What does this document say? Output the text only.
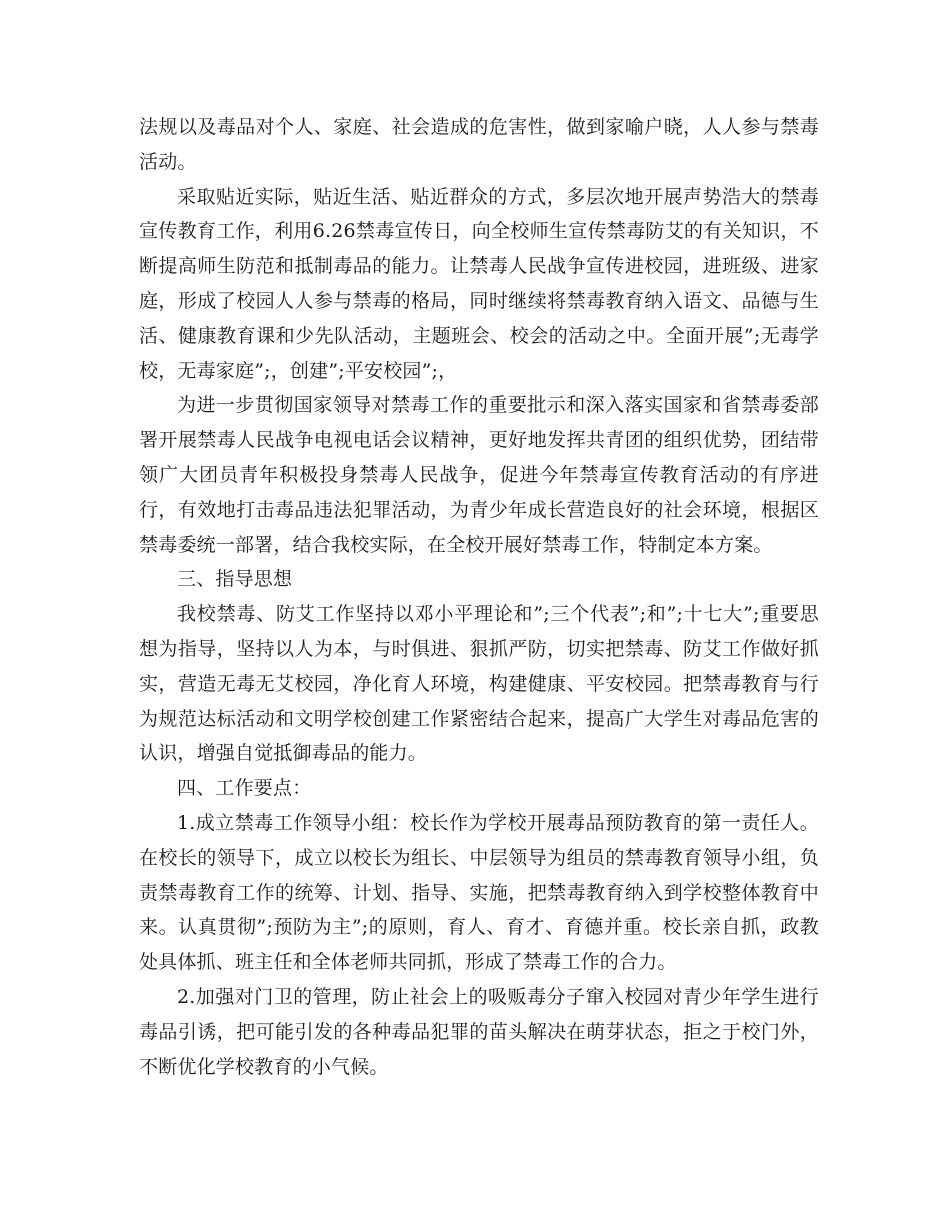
法规以及毒品对个人、家庭、社会造成的危害性，做到家喻户晓，人人参与禁毒活动。

采取贴近实际，贴近生活、贴近群众的方式，多层次地开展声势浩大的禁毒宣传教育工作，利用6.26禁毒宣传日，向全校师生宣传禁毒防艾的有关知识，不断提高师生防范和抵制毒品的能力。让禁毒人民战争宣传进校园，进班级、进家庭，形成了校园人人参与禁毒的格局，同时继续将禁毒教育纳入语文、品德与生活、健康教育课和少先队活动，主题班会、校会的活动之中。全面开展”;无毒学校，无毒家庭”;，创建”;平安校园”;，

为进一步贯彻国家领导对禁毒工作的重要批示和深入落实国家和省禁毒委部署开展禁毒人民战争电视电话会议精神，更好地发挥共青团的组织优势，团结带领广大团员青年积极投身禁毒人民战争，促进今年禁毒宣传教育活动的有序进行，有效地打击毒品违法犯罪活动，为青少年成长营造良好的社会环境，根据区禁毒委统一部署，结合我校实际，在全校开展好禁毒工作，特制定本方案。

三、指导思想

我校禁毒、防艾工作坚持以邓小平理论和”;三个代表”;和”;十七大”;重要思想为指导，坚持以人为本，与时俱进、狠抓严防，切实把禁毒、防艾工作做好抓实，营造无毒无艾校园，净化育人环境，构建健康、平安校园。把禁毒教育与行为规范达标活动和文明学校创建工作紧密结合起来，提高广大学生对毒品危害的认识，增强自觉抵御毒品的能力。

四、工作要点：

1.成立禁毒工作领导小组：校长作为学校开展毒品预防教育的第一责任人。在校长的领导下，成立以校长为组长、中层领导为组员的禁毒教育领导小组，负责禁毒教育工作的统筹、计划、指导、实施，把禁毒教育纳入到学校整体教育中来。认真贯彻”;预防为主”;的原则，育人、育才、育德并重。校长亲自抓，政教处具体抓、班主任和全体老师共同抓，形成了禁毒工作的合力。

2.加强对门卫的管理，防止社会上的吸贩毒分子窜入校园对青少年学生进行毒品引诱，把可能引发的各种毒品犯罪的苗头解决在萌芽状态，拒之于校门外，不断优化学校教育的小气候。
